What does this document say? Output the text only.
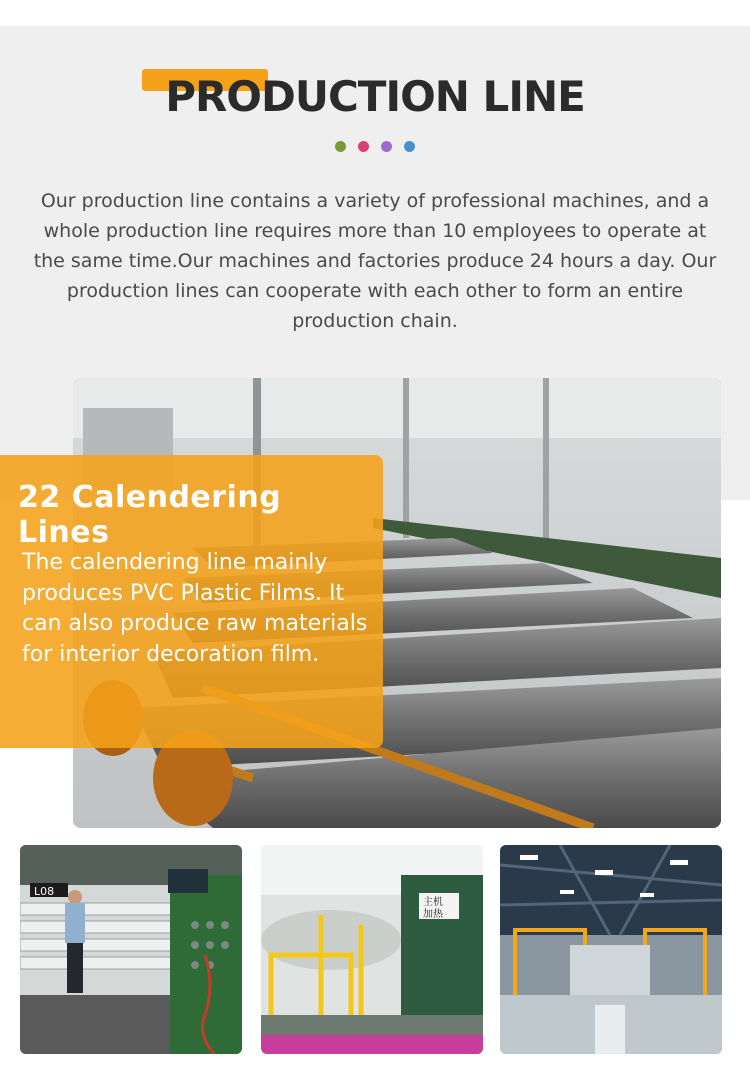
PRODUCTION LINE

Our production line contains a variety of professional machines, and a whole production line requires more than 10 employees to operate at the same time.Our machines and factories produce 24 hours a day. Our production lines can cooperate with each other to form an entire production chain.

22 Calendering Lines
The calendering line mainly produces PVC Plastic Films. It can also produce raw materials for interior decoration film.
L08
主机
加热
